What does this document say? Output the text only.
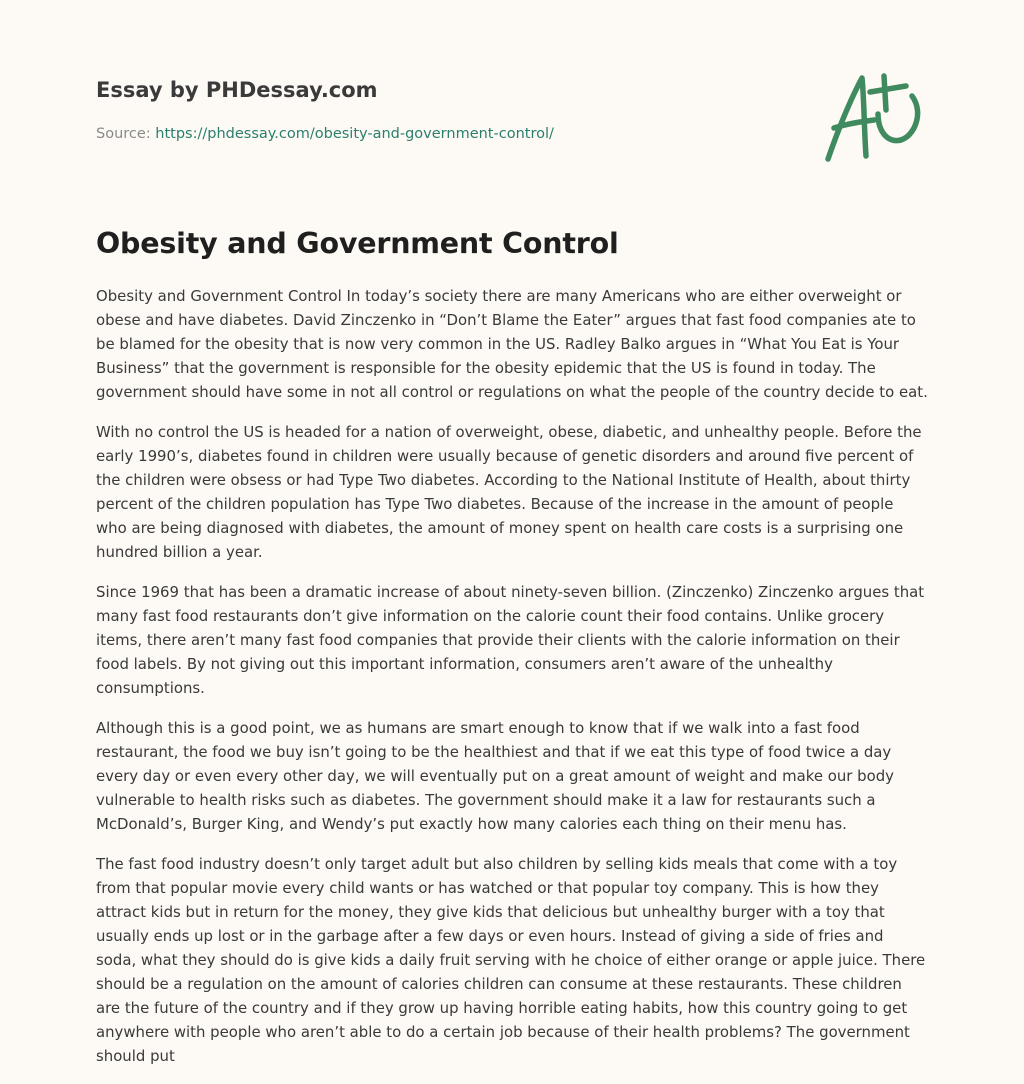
Essay by PHDessay.com
Source: https://phdessay.com/obesity-and-government-control/
Obesity and Government Control

Obesity and Government Control In today’s society there are many Americans who are either overweight or obese and have diabetes. David Zinczenko in “Don’t Blame the Eater” argues that fast food companies ate to be blamed for the obesity that is now very common in the US. Radley Balko argues in “What You Eat is Your Business” that the government is responsible for the obesity epidemic that the US is found in today. The government should have some in not all control or regulations on what the people of the country decide to eat.

With no control the US is headed for a nation of overweight, obese, diabetic, and unhealthy people. Before the early 1990’s, diabetes found in children were usually because of genetic disorders and around five percent of the children were obsess or had Type Two diabetes. According to the National Institute of Health, about thirty percent of the children population has Type Two diabetes. Because of the increase in the amount of people who are being diagnosed with diabetes, the amount of money spent on health care costs is a surprising one hundred billion a year.

Since 1969 that has been a dramatic increase of about ninety-seven billion. (Zinczenko) Zinczenko argues that many fast food restaurants don’t give information on the calorie count their food contains. Unlike grocery items, there aren’t many fast food companies that provide their clients with the calorie information on their food labels. By not giving out this important information, consumers aren’t aware of the unhealthy consumptions.

Although this is a good point, we as humans are smart enough to know that if we walk into a fast food restaurant, the food we buy isn’t going to be the healthiest and that if we eat this type of food twice a day every day or even every other day, we will eventually put on a great amount of weight and make our body vulnerable to health risks such as diabetes. The government should make it a law for restaurants such a McDonald’s, Burger King, and Wendy’s put exactly how many calories each thing on their menu has.

The fast food industry doesn’t only target adult but also children by selling kids meals that come with a toy from that popular movie every child wants or has watched or that popular toy company. This is how they attract kids but in return for the money, they give kids that delicious but unhealthy burger with a toy that usually ends up lost or in the garbage after a few days or even hours. Instead of giving a side of fries and soda, what they should do is give kids a daily fruit serving with he choice of either orange or apple juice. There should be a regulation on the amount of calories children can consume at these restaurants. These children are the future of the country and if they grow up having horrible eating habits, how this country going to get anywhere with people who aren’t able to do a certain job because of their health problems? The government should put
